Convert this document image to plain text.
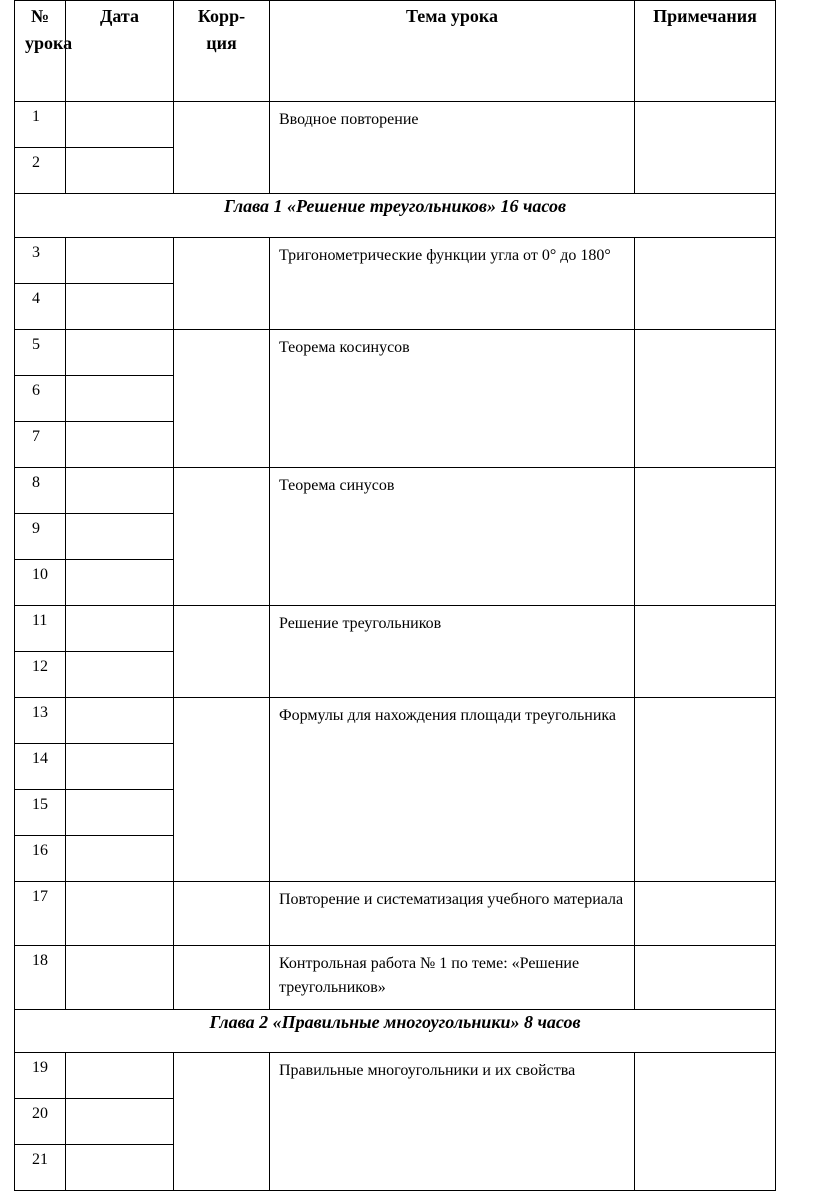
№ урока	Дата	Корр-ция	Тема урока	Примечания
1			Вводное повторение	
2				
Глава 1 «Решение треугольников» 16 часов				
3			Тригонометрические функции угла от 0° до 180°	
4				
5			Теорема косинусов	
6				
7				
8			Теорема синусов	
9				
10				
11			Решение треугольников	
12				
13			Формулы для нахождения площади треугольника	
14				
15				
16				
17			Повторение и систематизация учебного материала	
18			Контрольная работа № 1 по теме: «Решение треугольников»	
Глава 2 «Правильные многоугольники» 8 часов				
19			Правильные многоугольники и их свойства	
20				
21				
